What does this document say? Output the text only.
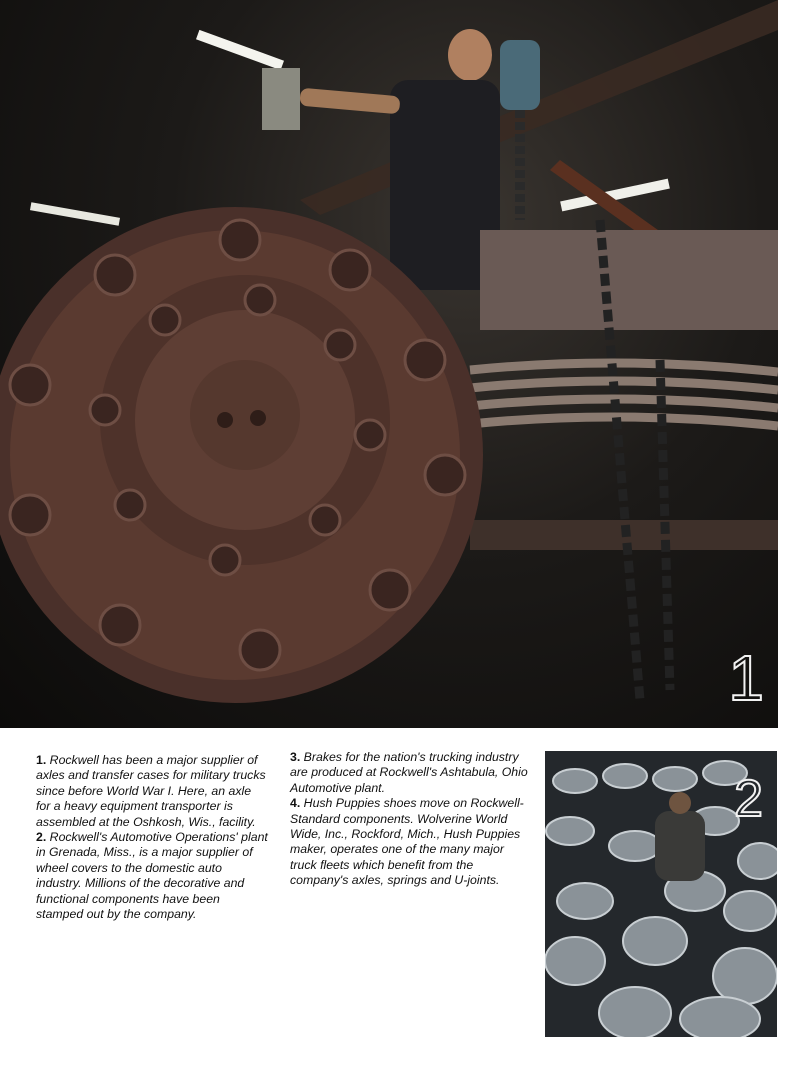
1

1. Rockwell has been a major supplier of axles and transfer cases for military trucks since before World War I. Here, an axle for a heavy equipment transporter is assembled at the Oshkosh, Wis., facility.

2. Rockwell's Automotive Operations' plant in Grenada, Miss., is a major supplier of wheel covers to the domestic auto industry. Millions of the decorative and functional components have been stamped out by the company.

3. Brakes for the nation's trucking industry are produced at Rockwell's Ashtabula, Ohio Automotive plant.

4. Hush Puppies shoes move on Rockwell-Standard components. Wolverine World Wide, Inc., Rockford, Mich., Hush Puppies maker, operates one of the many major truck fleets which benefit from the company's axles, springs and U-joints.

2
